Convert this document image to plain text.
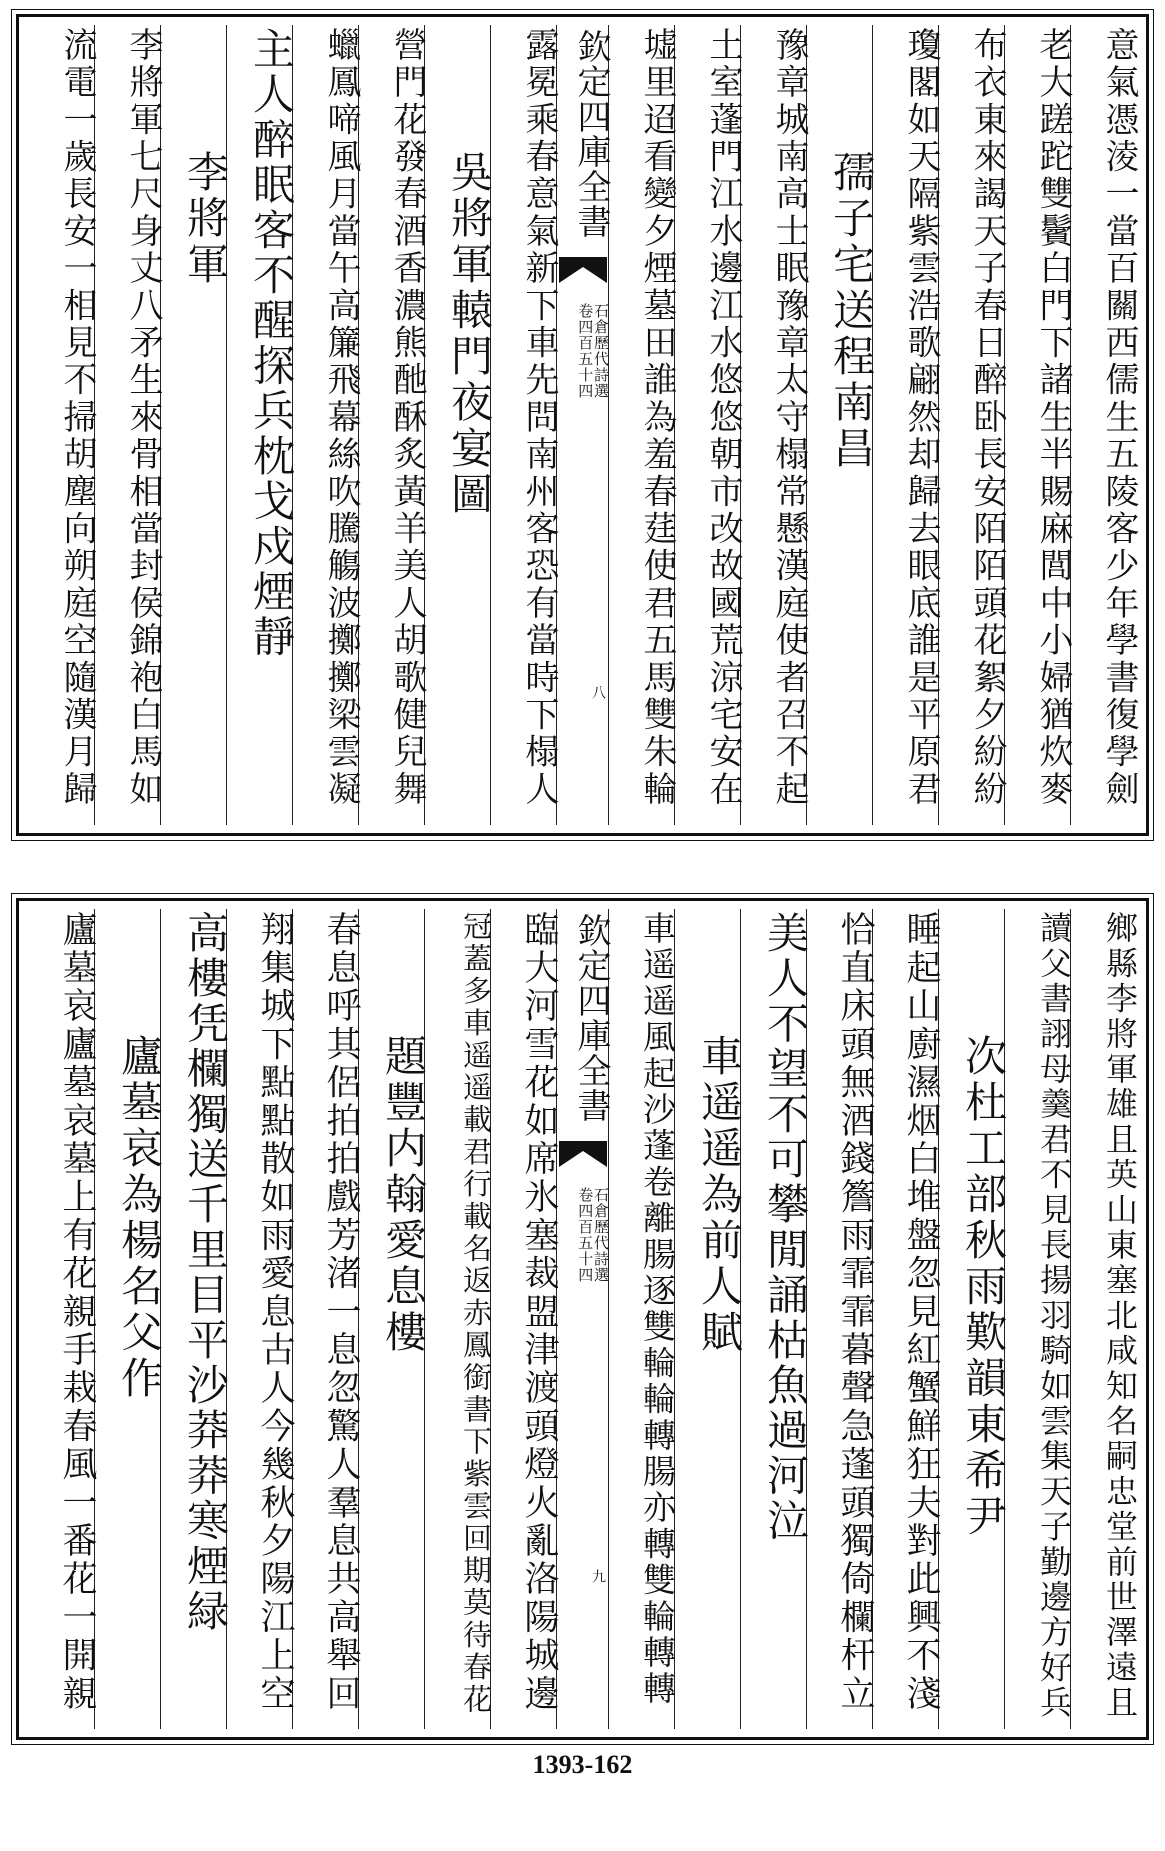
意氣憑淩一當百關西儒生五陵客少年學書復學劍
老大蹉跎雙鬢白門下諸生半賜麻閭中小婦猶炊麥
布衣東來謁天子春日醉卧長安陌陌頭花絮夕紛紛
瓊閣如天隔紫雲浩歌翩然却歸去眼底誰是平原君
孺子宅送程南昌
豫章城南高士眠豫章太守榻常懸漢庭使者召不起
土室蓬門江水邊江水悠悠朝市改故國荒涼宅安在
墟里迢看變夕煙墓田誰為羞春莛使君五馬雙朱輪
欽定四庫全書
石倉歷代詩選
卷四百五十四
八
露冕乘春意氣新下車先問南州客恐有當時下榻人
吳將軍轅門夜宴圖
營門花發春酒香濃熊酏酥炙黃羊美人胡歌健兒舞
蠟鳳啼風月當午高簾飛幕絲吹騰觴波擲擲梁雲凝
主人醉眠客不醒探兵枕戈戍煙靜
李將軍
李將軍七尺身丈八矛生來骨相當封侯錦袍白馬如
流電一歲長安一相見不掃胡塵向朔庭空隨漢月歸
鄉縣李將軍雄且英山東塞北咸知名嗣忠堂前世澤遠且
讀父書詡母羹君不見長揚羽騎如雲集天子勤邊方好兵
次杜工部秋雨歎韻東希尹
睡起山廚濕烟白堆盤忽見紅蟹鮮狂夫對此興不淺
恰直床頭無酒錢簷雨霏霏暮聲急蓬頭獨倚欄杆立
美人不望不可攀閒誦枯魚過河泣
車遥遥為前人賦
車遥遥風起沙蓬卷離腸逐雙輪輪轉腸亦轉雙輪轉轉
欽定四庫全書
石倉歷代詩選
卷四百五十四
九
臨大河雪花如席氷塞裁盟津渡頭燈火亂洛陽城邊
冠蓋多車遥遥載君行載名返赤鳳銜書下紫雲回期莫待春花
題豐内翰愛息樓
春息呼其侶拍拍戲芳渚一息忽驚人羣息共高舉回
翔集城下點點散如雨愛息古人今幾秋夕陽江上空
高樓凭欄獨送千里目平沙莽莽寒煙緑
廬墓哀為楊名父作
廬墓哀廬墓哀墓上有花親手栽春風一番花一開親
1393-162
